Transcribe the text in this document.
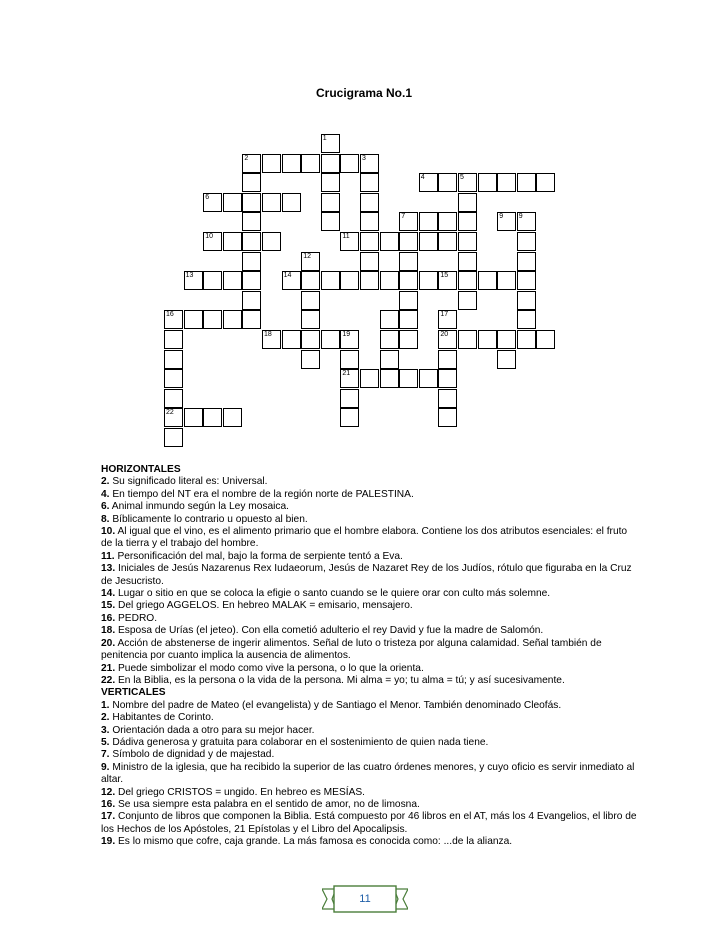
Crucigrama No.1
2
4	5
6
7
10	11
13	14	15
16
18	19	20
21
22
1
3
9
12
17
9

HORIZONTALES

2. Su significado literal es: Universal.

4. En tiempo del NT era el nombre de la región norte de PALESTINA.

6. Animal inmundo según la Ley mosaica.

8. Bíblicamente lo contrario u opuesto al bien.

10. Al igual que el vino, es el alimento primario que el hombre elabora. Contiene los dos atributos esenciales: el fruto de la tierra y el trabajo del hombre.

11. Personificación del mal, bajo la forma de serpiente tentó a Eva.

13. Iniciales de Jesús Nazarenus Rex Iudaeorum, Jesús de Nazaret Rey de los Judíos, rótulo que figuraba en la Cruz de Jesucristo.

14. Lugar o sitio en que se coloca la efigie o santo cuando se le quiere orar con culto más solemne.

15. Del griego AGGELOS. En hebreo MALAK = emisario, mensajero.

16. PEDRO.

18. Esposa de Urías (el jeteo). Con ella cometió adulterio el rey David y fue la madre de Salomón.

20. Acción de abstenerse de ingerir alimentos. Señal de luto o tristeza por alguna calamidad. Señal también de penitencia por cuanto implica la ausencia de alimentos.

21. Puede simbolizar el modo como vive la persona, o lo que la orienta.

22. En la Biblia, es la persona o la vida de la persona. Mi alma = yo; tu alma = tú; y así sucesivamente.

VERTICALES

1. Nombre del padre de Mateo (el evangelista) y de Santiago el Menor. También denominado Cleofás.

2. Habitantes de Corinto.

3. Orientación dada a otro para su mejor hacer.

5. Dádiva generosa y gratuita para colaborar en el sostenimiento de quien nada tiene.

7. Símbolo de dignidad y de majestad.

9. Ministro de la iglesia, que ha recibido la superior de las cuatro órdenes menores, y cuyo oficio es servir inmediato al altar.

12. Del griego CRISTOS = ungido. En hebreo es MESÍAS.

16. Se usa siempre esta palabra en el sentido de amor, no de limosna.

17. Conjunto de libros que componen la Biblia. Está compuesto por 46 libros en el AT, más los 4 Evangelios, el libro de los Hechos de los Apóstoles, 21 Epístolas y el Libro del Apocalipsis.

19. Es lo mismo que cofre, caja grande. La más famosa es conocida como: ...de la alianza.

11
